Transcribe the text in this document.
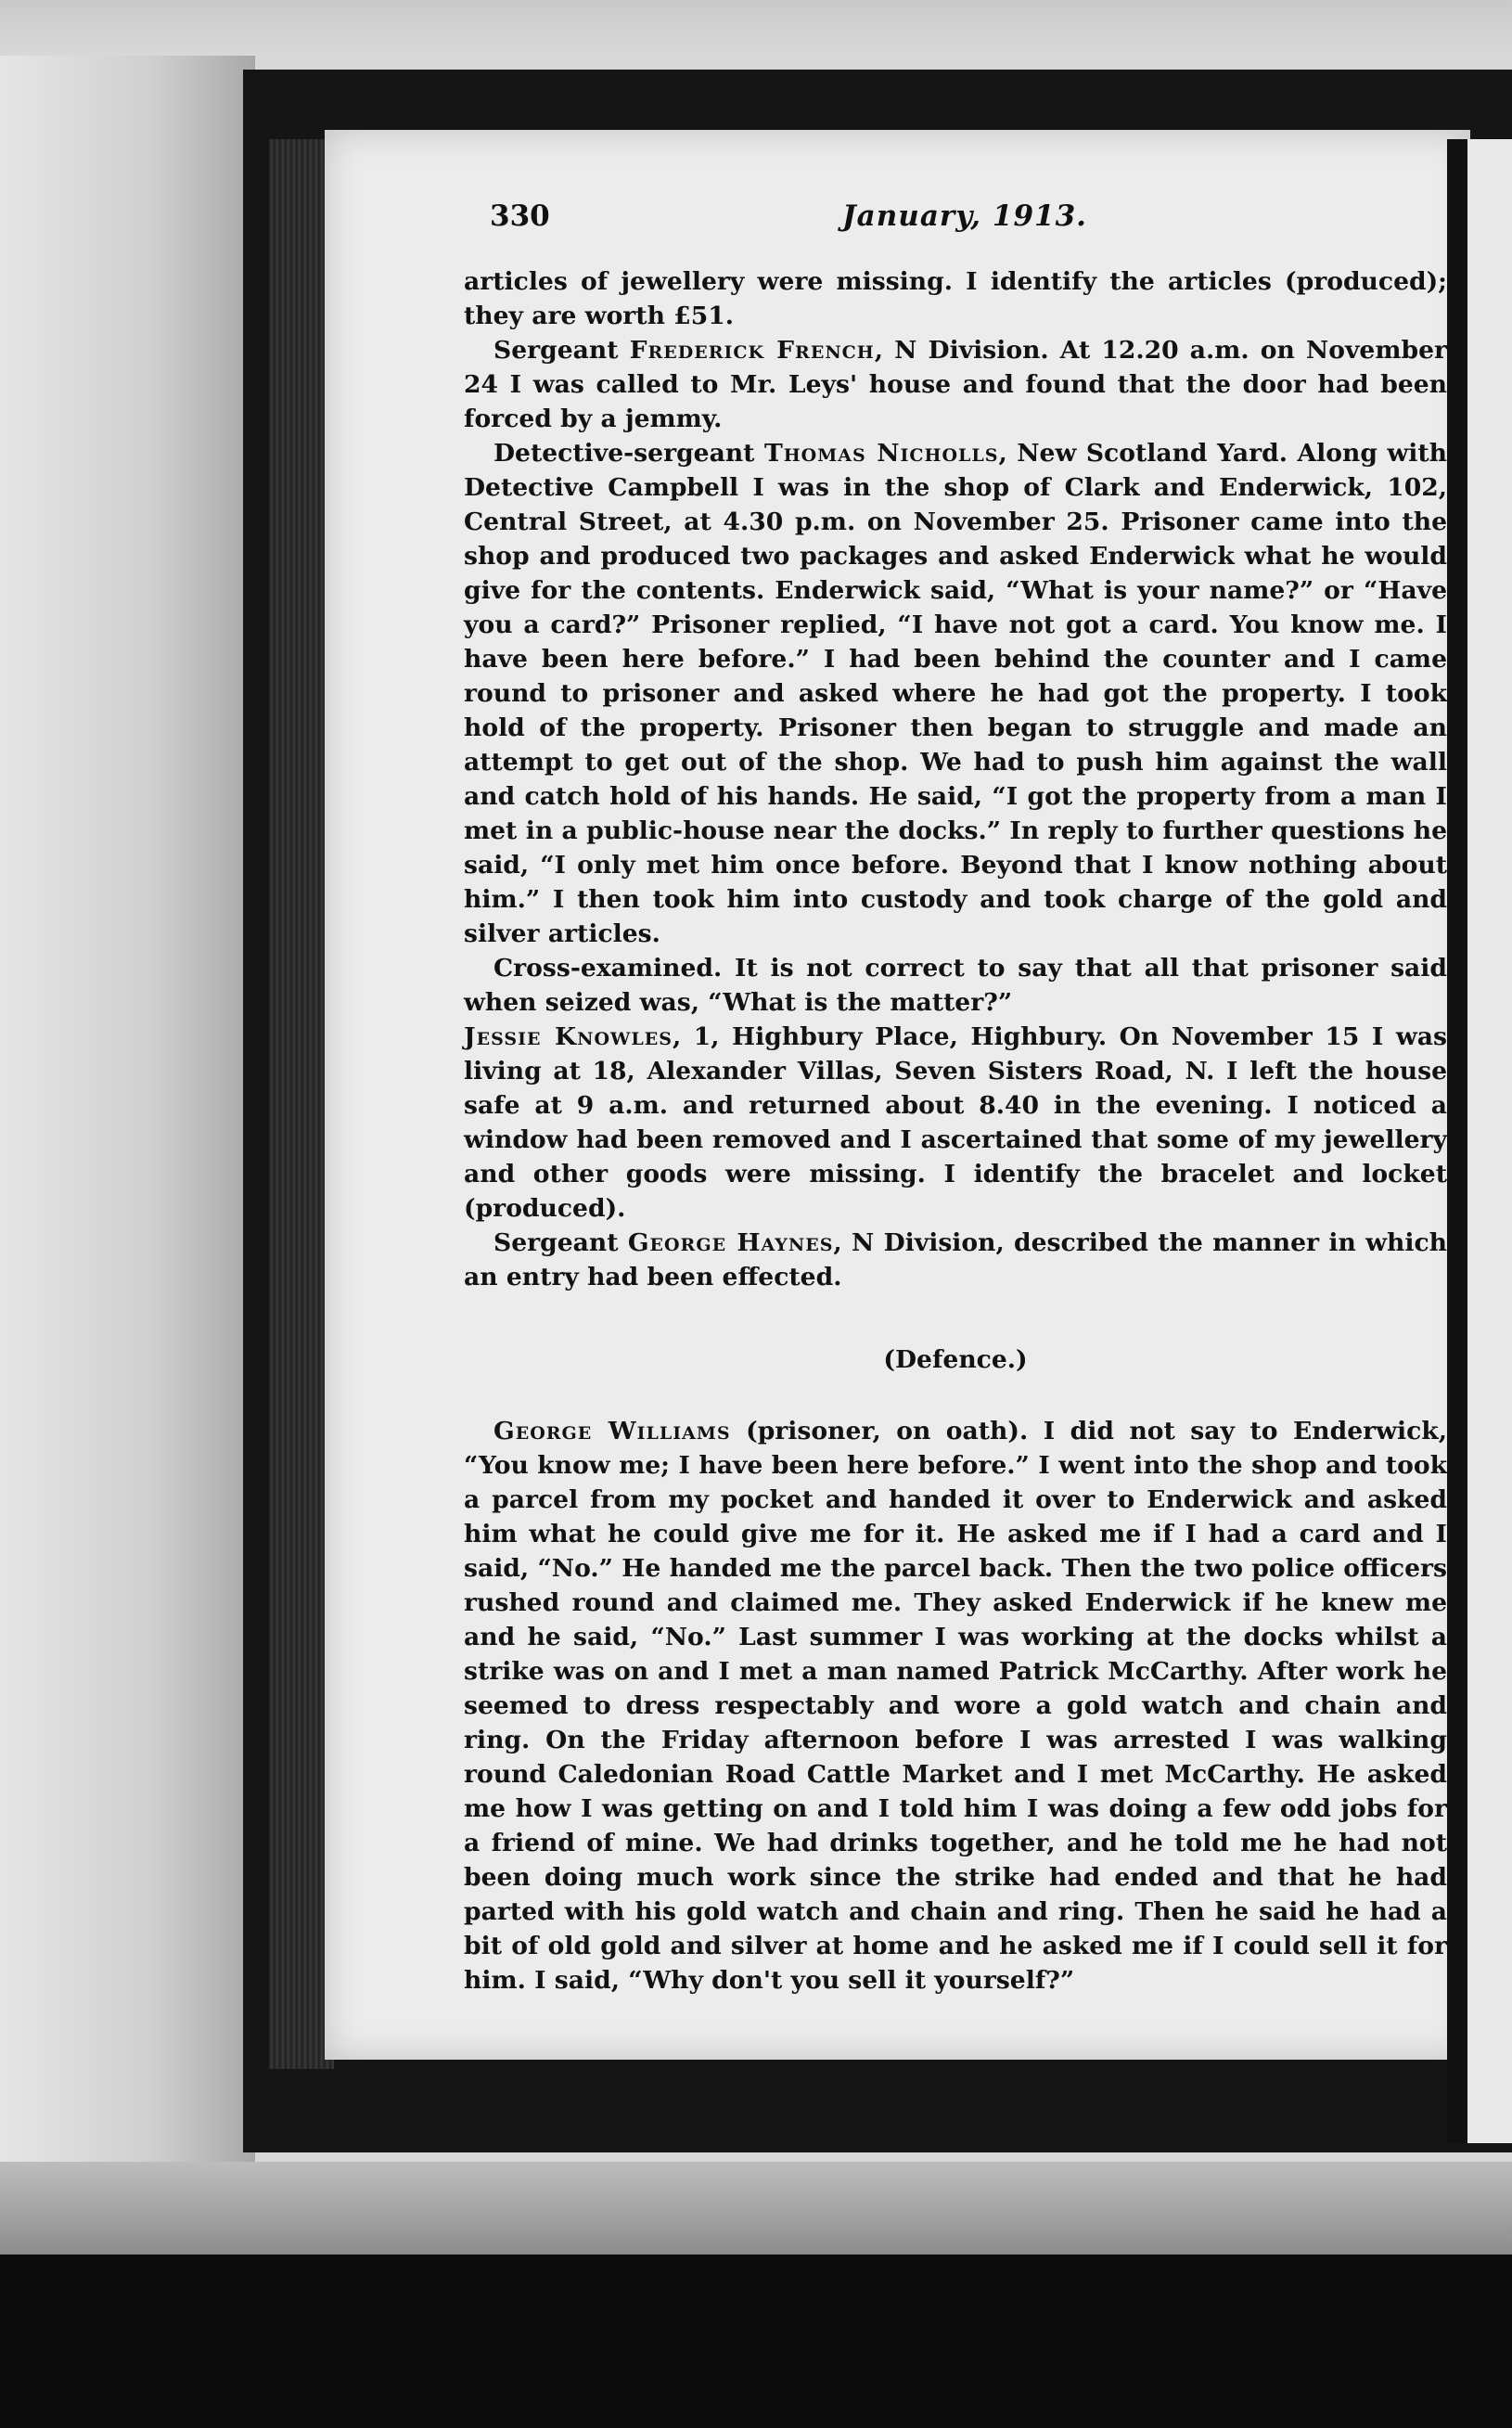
330	January, 1913.

articles of jewellery were missing. I identify the articles (produced); they are worth £51.

Sergeant Frederick French, N Division. At 12.20 a.m. on November 24 I was called to Mr. Leys' house and found that the door had been forced by a jemmy.

Detective-sergeant Thomas Nicholls, New Scotland Yard. Along with Detective Campbell I was in the shop of Clark and Enderwick, 102, Central Street, at 4.30 p.m. on November 25. Prisoner came into the shop and produced two packages and asked Enderwick what he would give for the contents. Enderwick said, “What is your name?” or “Have you a card?” Prisoner replied, “I have not got a card. You know me. I have been here before.” I had been behind the counter and I came round to prisoner and asked where he had got the property. I took hold of the property. Prisoner then began to struggle and made an attempt to get out of the shop. We had to push him against the wall and catch hold of his hands. He said, “I got the property from a man I met in a public-house near the docks.” In reply to further questions he said, “I only met him once before. Beyond that I know nothing about him.” I then took him into custody and took charge of the gold and silver articles.

Cross-examined. It is not correct to say that all that prisoner said when seized was, “What is the matter?”

Jessie Knowles, 1, Highbury Place, Highbury. On November 15 I was living at 18, Alexander Villas, Seven Sisters Road, N. I left the house safe at 9 a.m. and returned about 8.40 in the evening. I noticed a window had been removed and I ascertained that some of my jewellery and other goods were missing. I identify the bracelet and locket (produced).

Sergeant George Haynes, N Division, described the manner in which an entry had been effected.

(Defence.)

George Williams (prisoner, on oath). I did not say to Enderwick, “You know me; I have been here before.” I went into the shop and took a parcel from my pocket and handed it over to Enderwick and asked him what he could give me for it. He asked me if I had a card and I said, “No.” He handed me the parcel back. Then the two police officers rushed round and claimed me. They asked Enderwick if he knew me and he said, “No.” Last summer I was working at the docks whilst a strike was on and I met a man named Patrick McCarthy. After work he seemed to dress respectably and wore a gold watch and chain and ring. On the Friday afternoon before I was arrested I was walking round Caledonian Road Cattle Market and I met McCarthy. He asked me how I was getting on and I told him I was doing a few odd jobs for a friend of mine. We had drinks together, and he told me he had not been doing much work since the strike had ended and that he had parted with his gold watch and chain and ring. Then he said he had a bit of old gold and silver at home and he asked me if I could sell it for him. I said, “Why don't you sell it yourself?”
